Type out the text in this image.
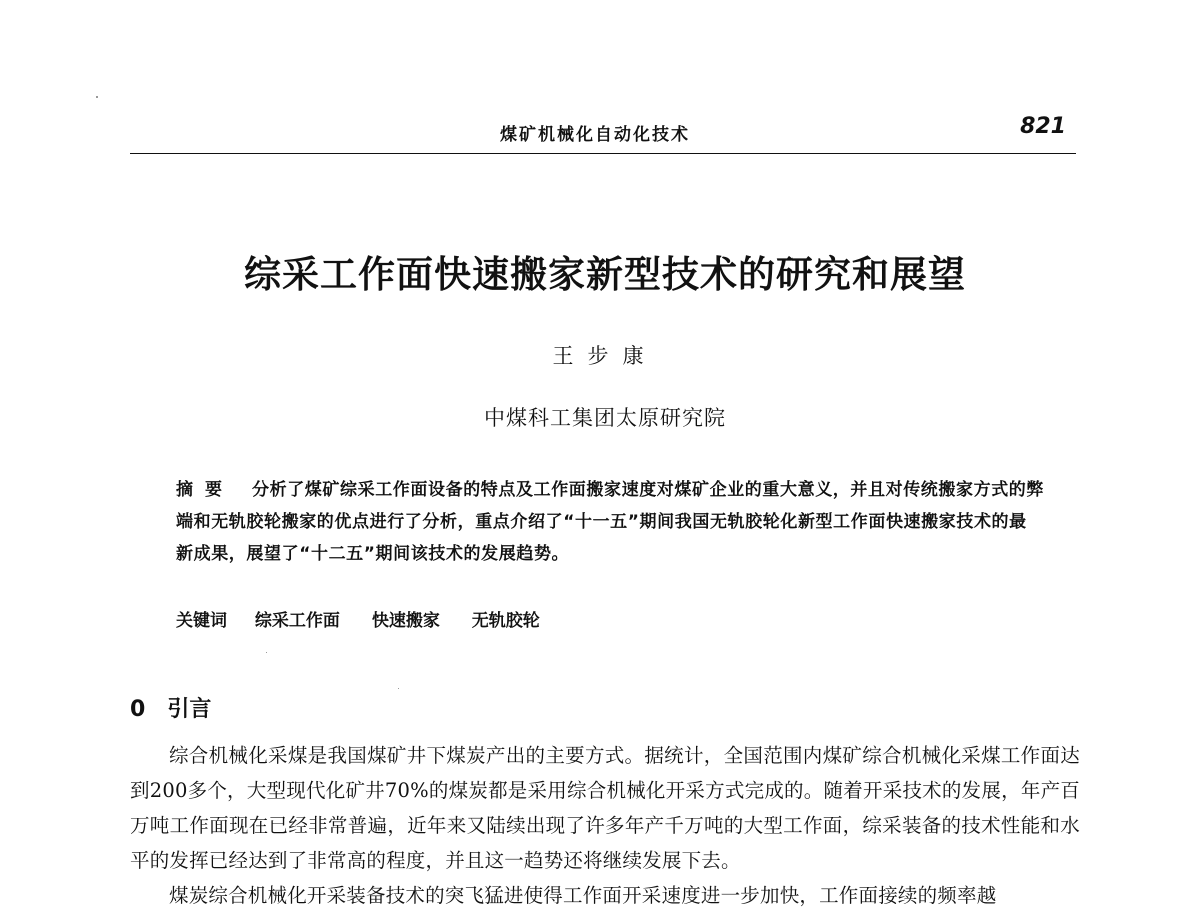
煤矿机械化自动化技术	821
综采工作面快速搬家新型技术的研究和展望
王步康
中煤科工集团太原研究院
摘要 分析了煤矿综采工作面设备的特点及工作面搬家速度对煤矿企业的重大意义，并且对传统搬家方式的弊端和无轨胶轮搬家的优点进行了分析，重点介绍了“十一五”期间我国无轨胶轮化新型工作面快速搬家技术的最新成果，展望了“十二五”期间该技术的发展趋势。
关键词 综采工作面 快速搬家 无轨胶轮
0 引言

综合机械化采煤是我国煤矿井下煤炭产出的主要方式。据统计，全国范围内煤矿综合机械化采煤工作面达到200多个，大型现代化矿井70%的煤炭都是采用综合机械化开采方式完成的。随着开采技术的发展，年产百万吨工作面现在已经非常普遍，近年来又陆续出现了许多年产千万吨的大型工作面，综采装备的技术性能和水平的发挥已经达到了非常高的程度，并且这一趋势还将继续发展下去。

煤炭综合机械化开采装备技术的突飞猛进使得工作面开采速度进一步加快，工作面接续的频率越
